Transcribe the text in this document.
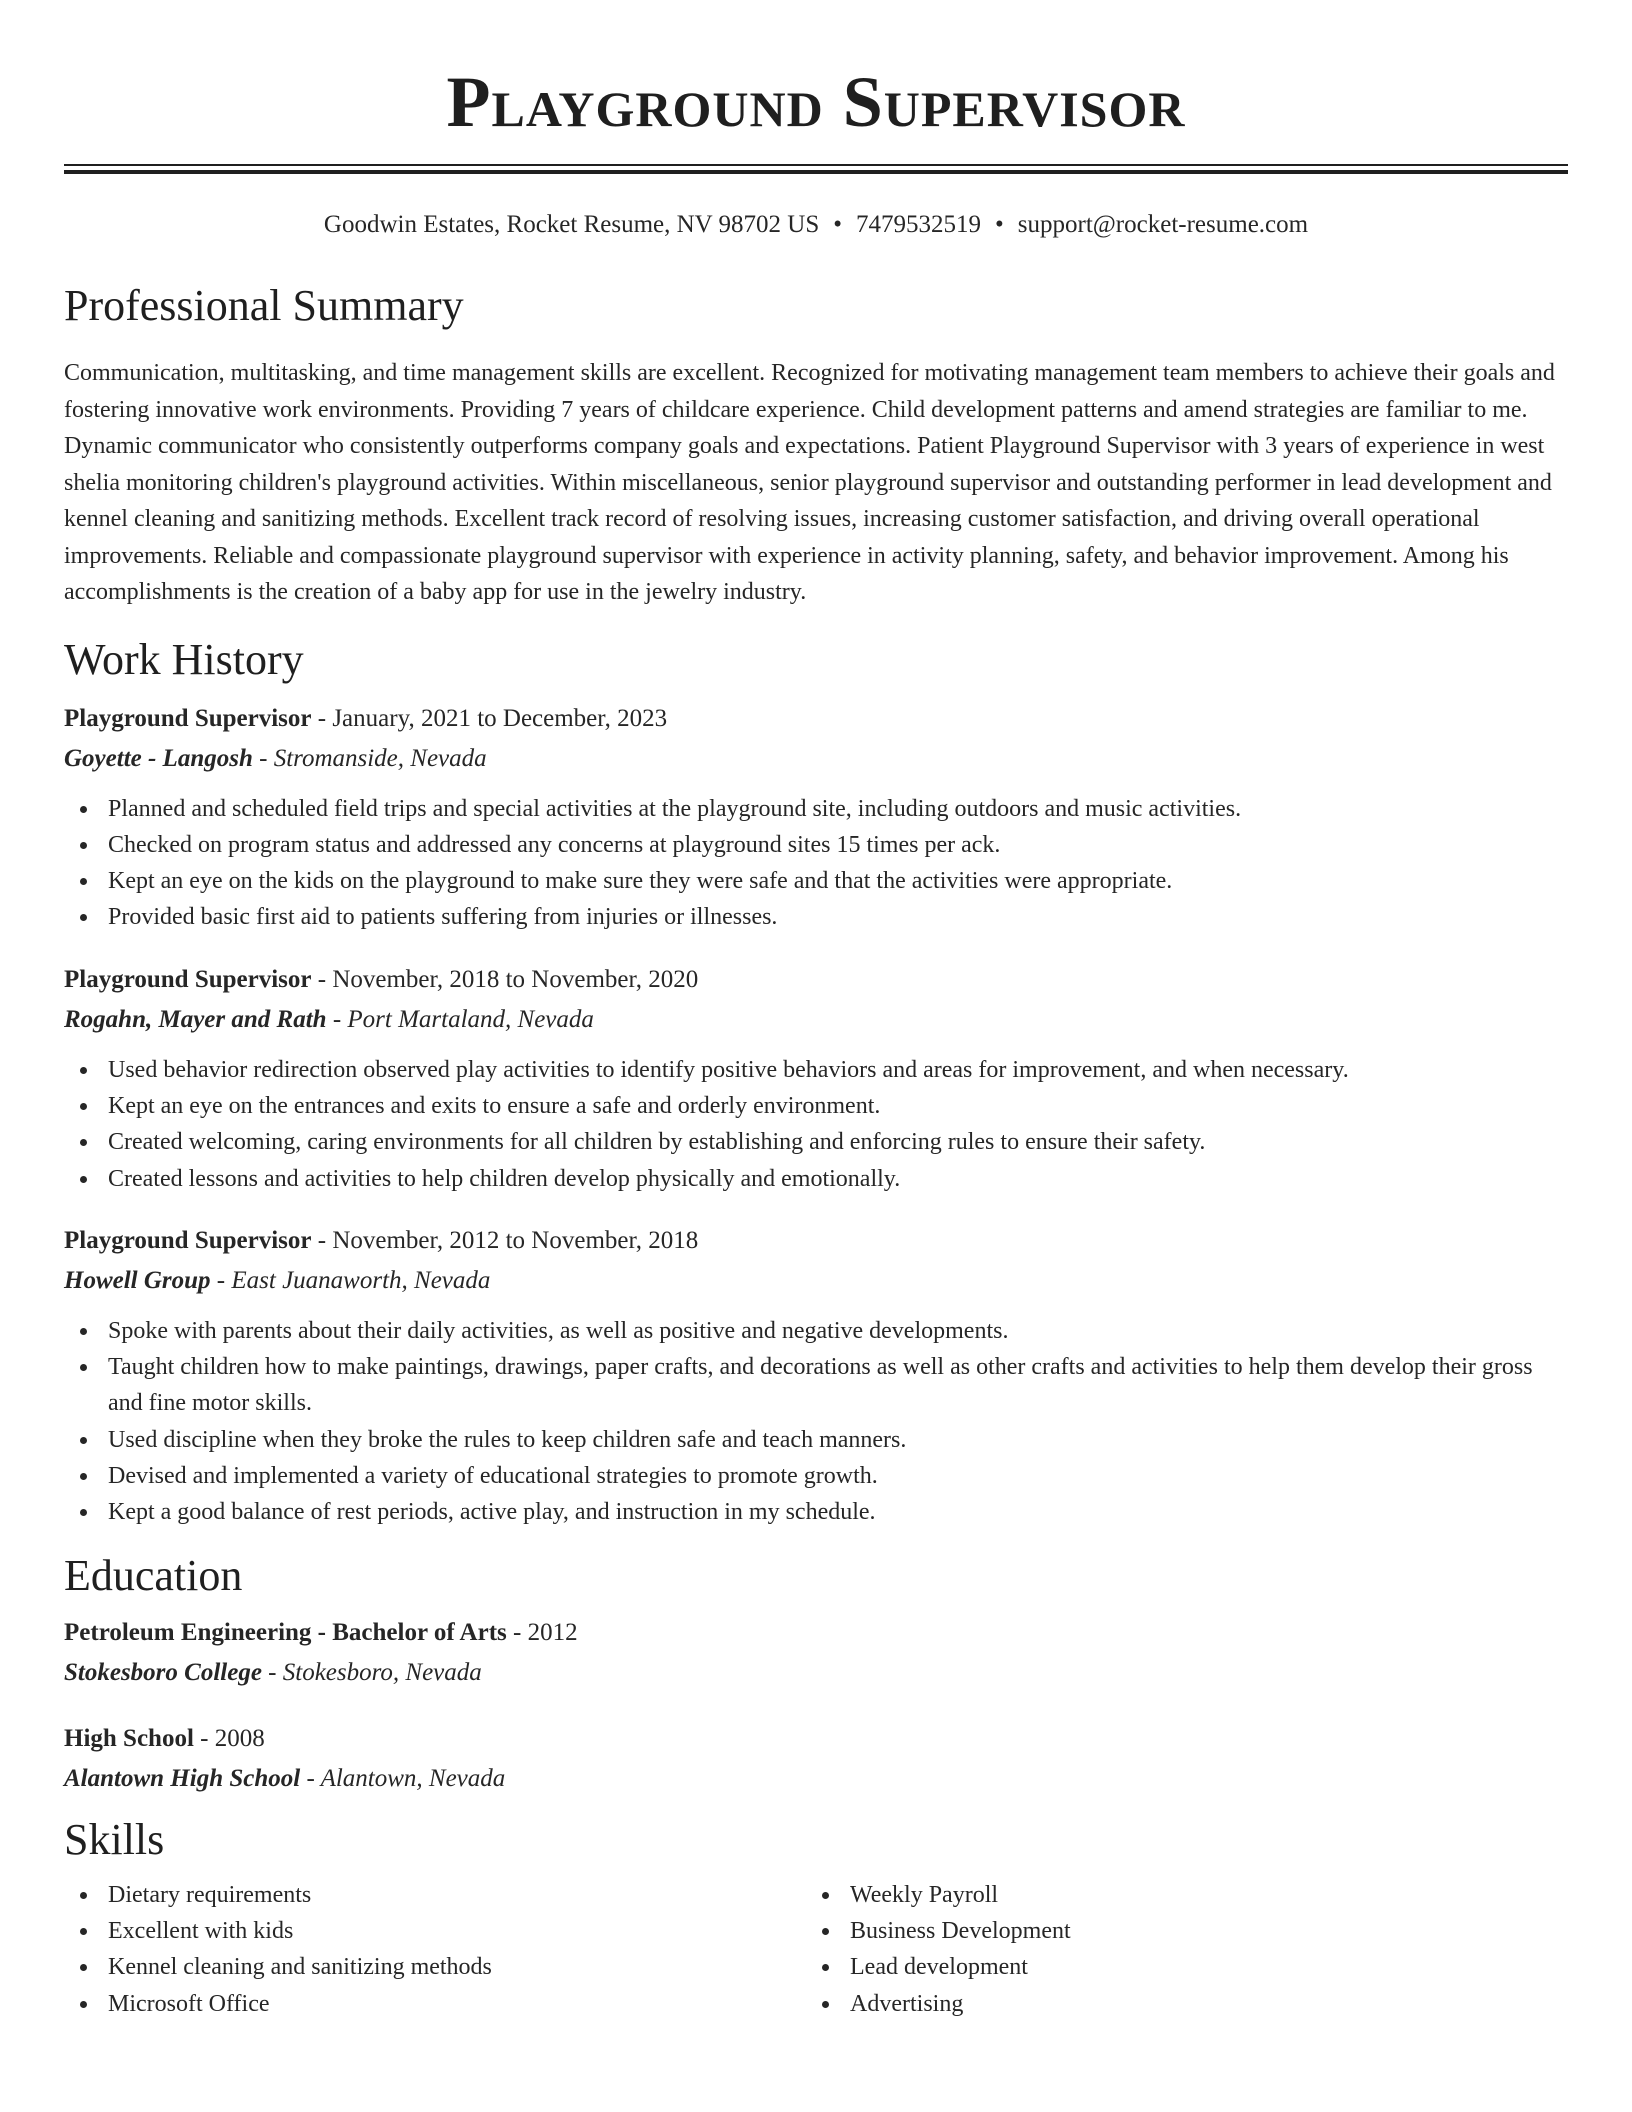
Playground Supervisor
Goodwin Estates, Rocket Resume, NV 98702 US • 7479532519 • support@rocket-resume.com
Professional Summary

Communication, multitasking, and time management skills are excellent. Recognized for motivating management team members to achieve their goals and fostering innovative work environments. Providing 7 years of childcare experience. Child development patterns and amend strategies are familiar to me. Dynamic communicator who consistently outperforms company goals and expectations. Patient Playground Supervisor with 3 years of experience in west shelia monitoring children's playground activities. Within miscellaneous, senior playground supervisor and outstanding performer in lead development and kennel cleaning and sanitizing methods. Excellent track record of resolving issues, increasing customer satisfaction, and driving overall operational improvements. Reliable and compassionate playground supervisor with experience in activity planning, safety, and behavior improvement. Among his accomplishments is the creation of a baby app for use in the jewelry industry.

Work History

Playground Supervisor - January, 2021 to December, 2023

Goyette - Langosh - Stromanside, Nevada

Planned and scheduled field trips and special activities at the playground site, including outdoors and music activities.
Checked on program status and addressed any concerns at playground sites 15 times per ack.
Kept an eye on the kids on the playground to make sure they were safe and that the activities were appropriate.
Provided basic first aid to patients suffering from injuries or illnesses.

Playground Supervisor - November, 2018 to November, 2020

Rogahn, Mayer and Rath - Port Martaland, Nevada

Used behavior redirection observed play activities to identify positive behaviors and areas for improvement, and when necessary.
Kept an eye on the entrances and exits to ensure a safe and orderly environment.
Created welcoming, caring environments for all children by establishing and enforcing rules to ensure their safety.
Created lessons and activities to help children develop physically and emotionally.

Playground Supervisor - November, 2012 to November, 2018

Howell Group - East Juanaworth, Nevada

Spoke with parents about their daily activities, as well as positive and negative developments.
Taught children how to make paintings, drawings, paper crafts, and decorations as well as other crafts and activities to help them develop their gross and fine motor skills.
Used discipline when they broke the rules to keep children safe and teach manners.
Devised and implemented a variety of educational strategies to promote growth.
Kept a good balance of rest periods, active play, and instruction in my schedule.
Education

Petroleum Engineering - Bachelor of Arts - 2012

Stokesboro College - Stokesboro, Nevada

High School - 2008

Alantown High School - Alantown, Nevada

Skills
Dietary requirements
Excellent with kids
Kennel cleaning and sanitizing methods
Microsoft Office
Weekly Payroll
Business Development
Lead development
Advertising
